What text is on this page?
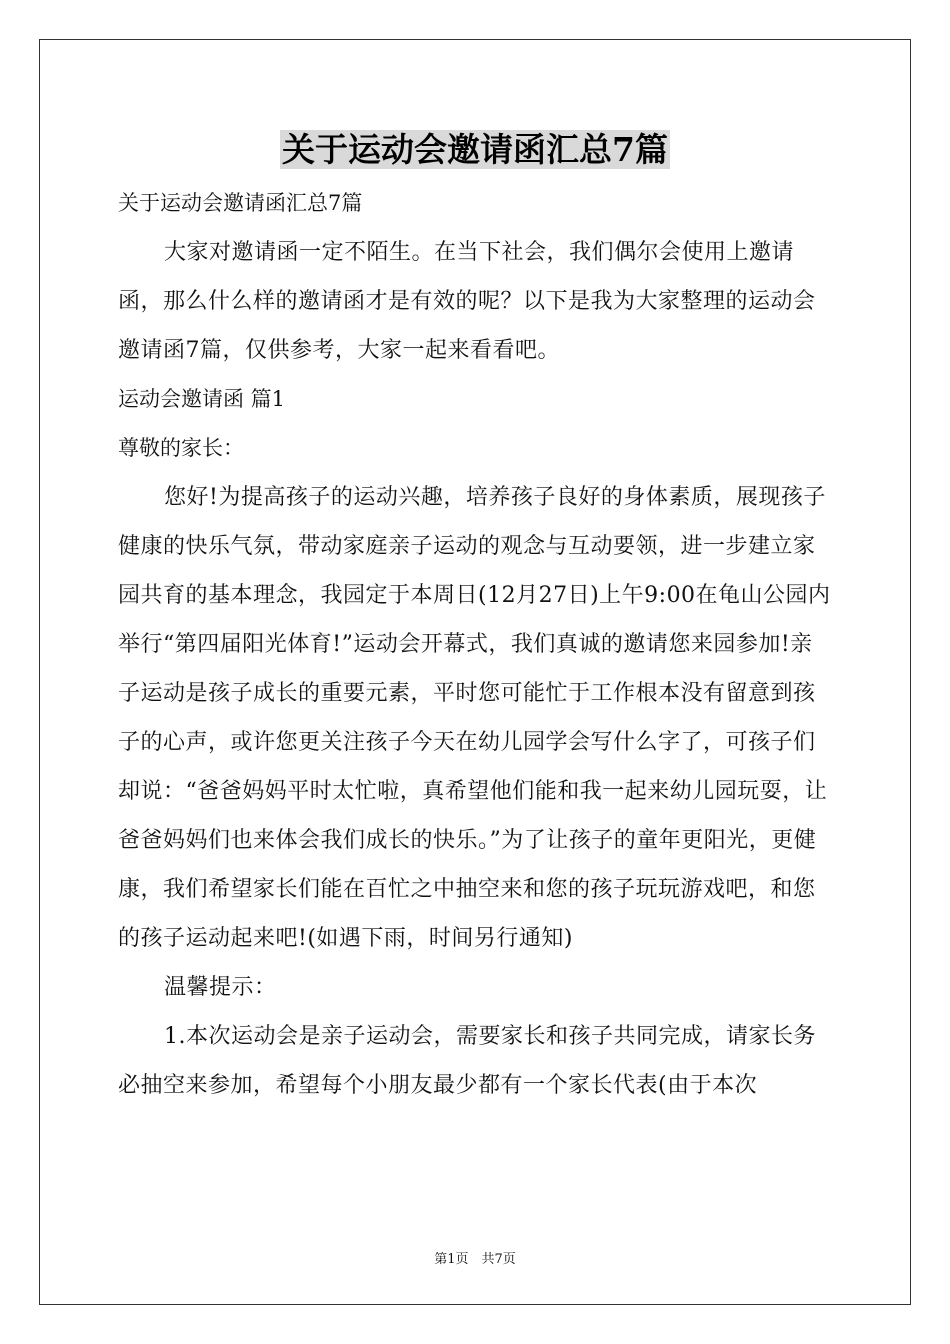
关于运动会邀请函汇总7篇
关于运动会邀请函汇总7篇
大家对邀请函一定不陌生。在当下社会，我们偶尔会使用上邀请函，那么什么样的邀请函才是有效的呢？以下是我为大家整理的运动会邀请函7篇，仅供参考，大家一起来看看吧。
运动会邀请函 篇1
尊敬的家长：
您好!为提高孩子的运动兴趣，培养孩子良好的身体素质，展现孩子健康的快乐气氛，带动家庭亲子运动的观念与互动要领，进一步建立家园共育的基本理念，我园定于本周日(12月27日)上午9:00在龟山公园内举行“第四届阳光体育!”运动会开幕式，我们真诚的邀请您来园参加!亲子运动是孩子成长的重要元素，平时您可能忙于工作根本没有留意到孩子的心声，或许您更关注孩子今天在幼儿园学会写什么字了，可孩子们却说：“爸爸妈妈平时太忙啦，真希望他们能和我一起来幼儿园玩耍，让爸爸妈妈们也来体会我们成长的快乐。”为了让孩子的童年更阳光，更健康，我们希望家长们能在百忙之中抽空来和您的孩子玩玩游戏吧，和您的孩子运动起来吧!(如遇下雨，时间另行通知)
温馨提示：
1.本次运动会是亲子运动会，需要家长和孩子共同完成，请家长务必抽空来参加，希望每个小朋友最少都有一个家长代表(由于本次
第1页　共7页
